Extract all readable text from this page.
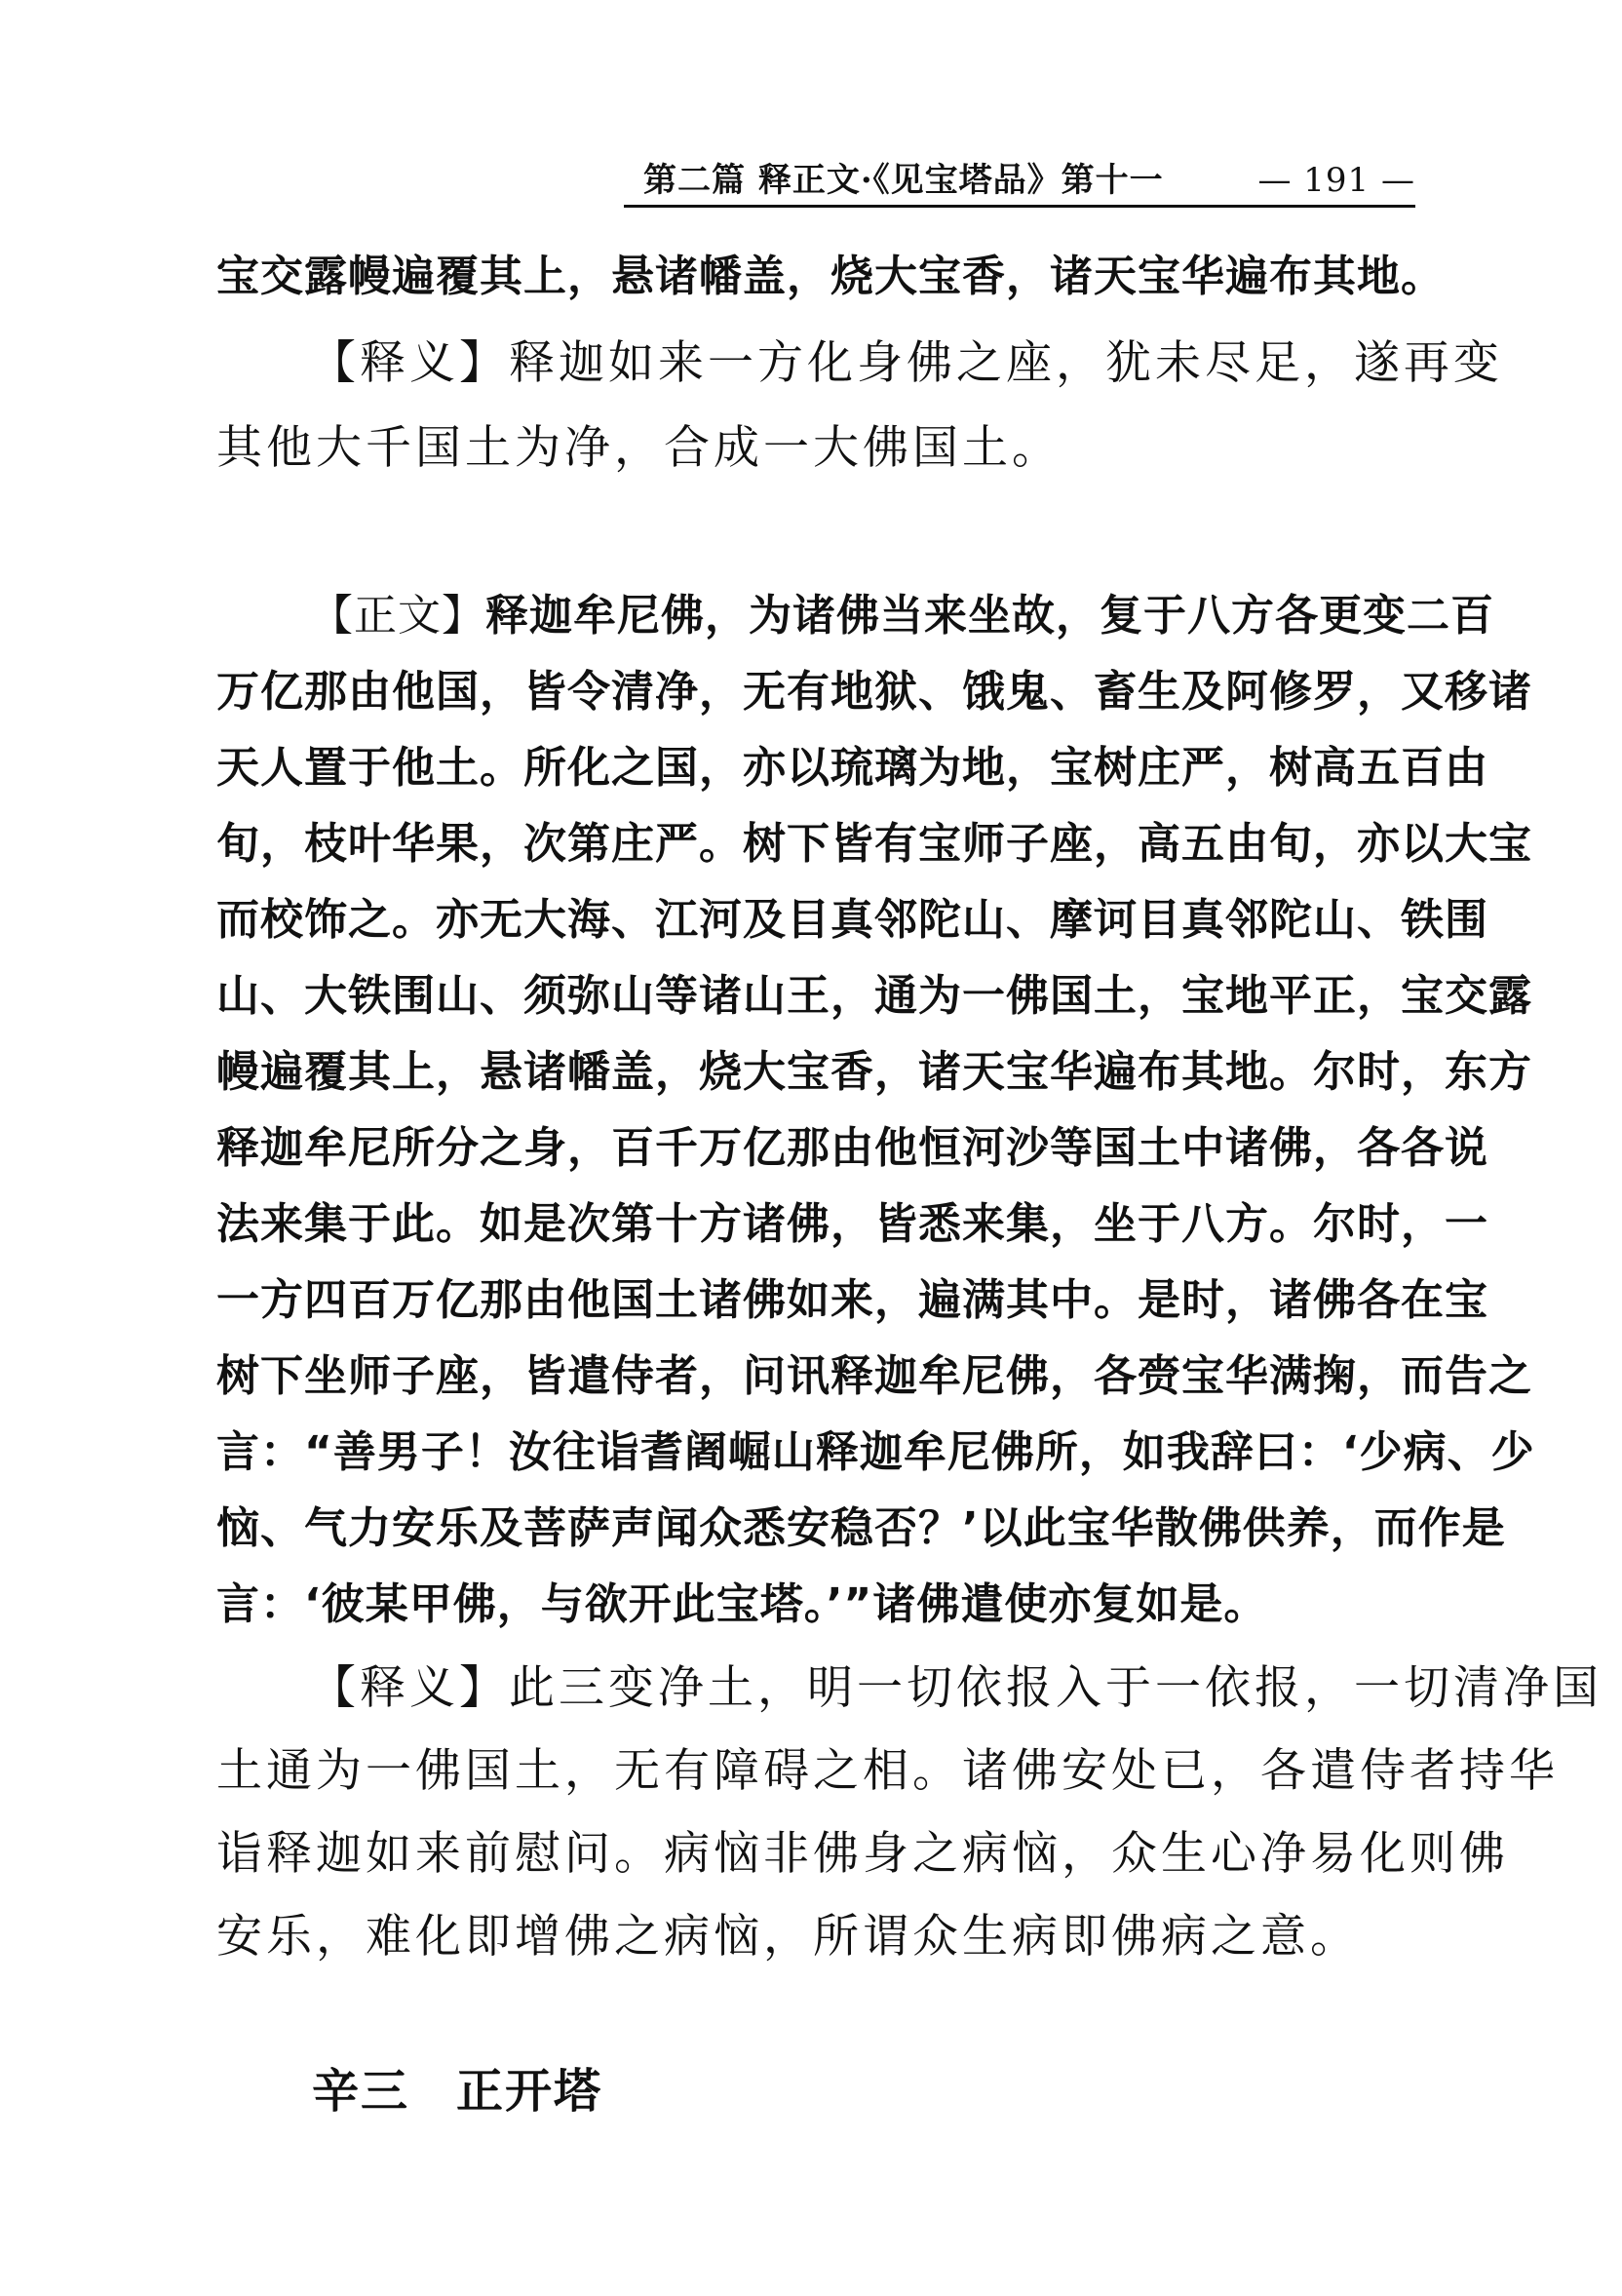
第二篇 释正文·《见宝塔品》第十一	— 191 —
宝交露幔遍覆其上，悬诸幡盖，烧大宝香，诸天宝华遍布其地。
【释义】释迦如来一方化身佛之座，犹未尽足，遂再变
其他大千国土为净，合成一大佛国土。
【正文】释迦牟尼佛，为诸佛当来坐故，复于八方各更变二百
万亿那由他国，皆令清净，无有地狱、饿鬼、畜生及阿修罗，又移诸
天人置于他土。所化之国，亦以琉璃为地，宝树庄严，树高五百由
旬，枝叶华果，次第庄严。树下皆有宝师子座，高五由旬，亦以大宝
而校饰之。亦无大海、江河及目真邻陀山、摩诃目真邻陀山、铁围
山、大铁围山、须弥山等诸山王，通为一佛国土，宝地平正，宝交露
幔遍覆其上，悬诸幡盖，烧大宝香，诸天宝华遍布其地。尔时，东方
释迦牟尼所分之身，百千万亿那由他恒河沙等国土中诸佛，各各说
法来集于此。如是次第十方诸佛，皆悉来集，坐于八方。尔时，一
一方四百万亿那由他国土诸佛如来，遍满其中。是时，诸佛各在宝
树下坐师子座，皆遣侍者，问讯释迦牟尼佛，各赍宝华满掬，而告之
言：“善男子！汝往诣耆阇崛山释迦牟尼佛所，如我辞曰：‘少病、少
恼、气力安乐及菩萨声闻众悉安稳否？’以此宝华散佛供养，而作是
言：‘彼某甲佛，与欲开此宝塔。’”诸佛遣使亦复如是。
【释义】此三变净土，明一切依报入于一依报，一切清净国
土通为一佛国土，无有障碍之相。诸佛安处已，各遣侍者持华
诣释迦如来前慰问。病恼非佛身之病恼，众生心净易化则佛
安乐，难化即增佛之病恼，所谓众生病即佛病之意。
辛三 正开塔
